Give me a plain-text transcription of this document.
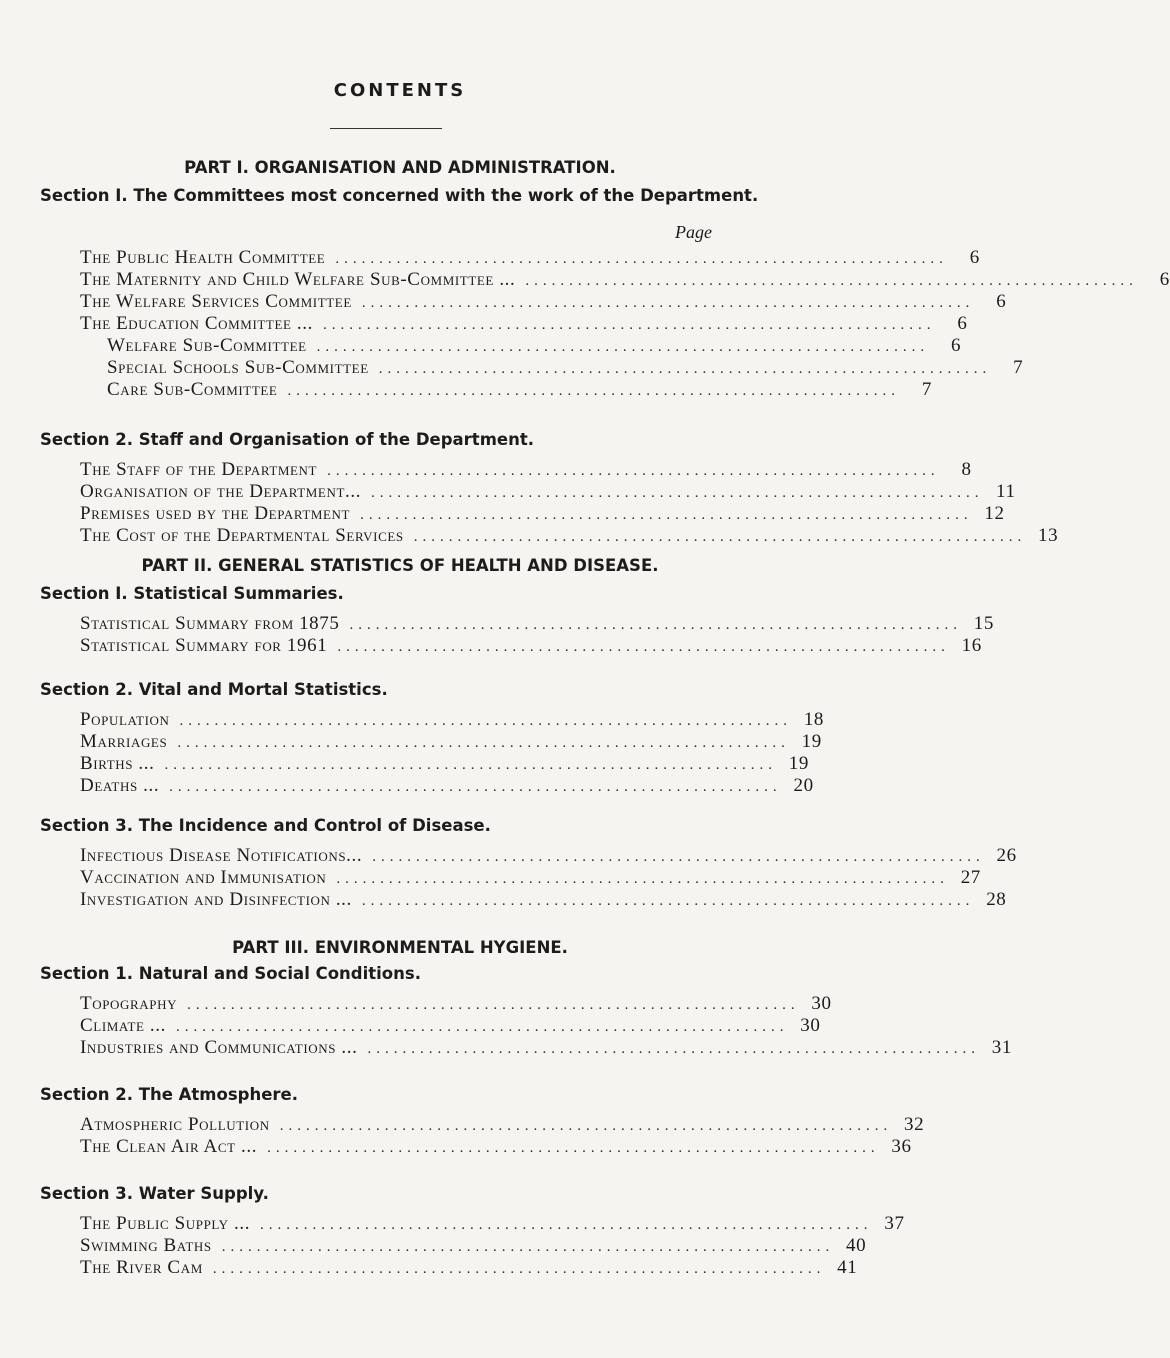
CONTENTS
PART I. ORGANISATION AND ADMINISTRATION.
Section I. The Committees most concerned with the work of the Department.
Page
The Public Health Committee ......................................................................	6
The Maternity and Child Welfare Sub-Committee ... ......................................................................	6
The Welfare Services Committee ......................................................................	6
The Education Committee ... ......................................................................	6
Welfare Sub-Committee ......................................................................	6
Special Schools Sub-Committee ......................................................................	7
Care Sub-Committee ......................................................................	7
Section 2. Staff and Organisation of the Department.
The Staff of the Department ......................................................................	8
Organisation of the Department... ...................................................................... 11
Premises used by the Department ...................................................................... 12
The Cost of the Departmental Services ...................................................................... 13
PART II. GENERAL STATISTICS OF HEALTH AND DISEASE.
Section I. Statistical Summaries.
Statistical Summary from 1875 ...................................................................... 15
Statistical Summary for 1961 ...................................................................... 16
Section 2. Vital and Mortal Statistics.
Population ...................................................................... 18
Marriages ...................................................................... 19
Births ... ...................................................................... 19
Deaths ... ...................................................................... 20
Section 3. The Incidence and Control of Disease.
Infectious Disease Notifications... ...................................................................... 26
Vaccination and Immunisation ...................................................................... 27
Investigation and Disinfection ... ...................................................................... 28
PART III. ENVIRONMENTAL HYGIENE.
Section 1. Natural and Social Conditions.
Topography ...................................................................... 30
Climate ... ...................................................................... 30
Industries and Communications ... ...................................................................... 31
Section 2. The Atmosphere.
Atmospheric Pollution ...................................................................... 32
The Clean Air Act ... ...................................................................... 36
Section 3. Water Supply.
The Public Supply ... ...................................................................... 37
Swimming Baths ...................................................................... 40
The River Cam ...................................................................... 41
